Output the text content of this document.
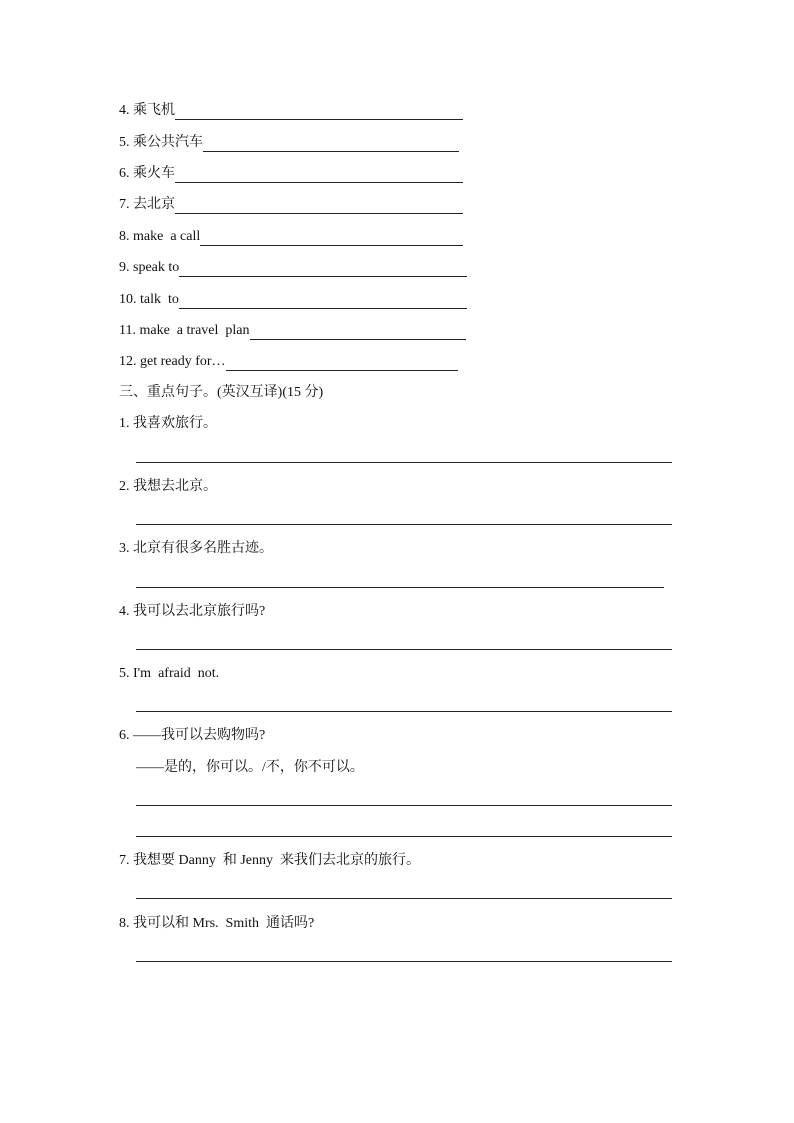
4.
乘飞机
5.
乘公共汽车
6.
乘火车
7.
去北京
8.
make  a call
9.
speak to
10.
talk  to
11.
make  a travel  plan
12.
get ready for…
三、重点句子。(英汉互译)(15 分)
1.
我喜欢旅行。
2.
我想去北京。
3.
北京有很多名胜古迹。
4.
我可以去北京旅行吗?
5.
I'm  afraid  not.
6.
——我可以去购物吗?
——是的，你可以。/不，你不可以。
7.
我想要 Danny  和 Jenny  来我们去北京的旅行。
8.
我可以和 Mrs.  Smith  通话吗?
